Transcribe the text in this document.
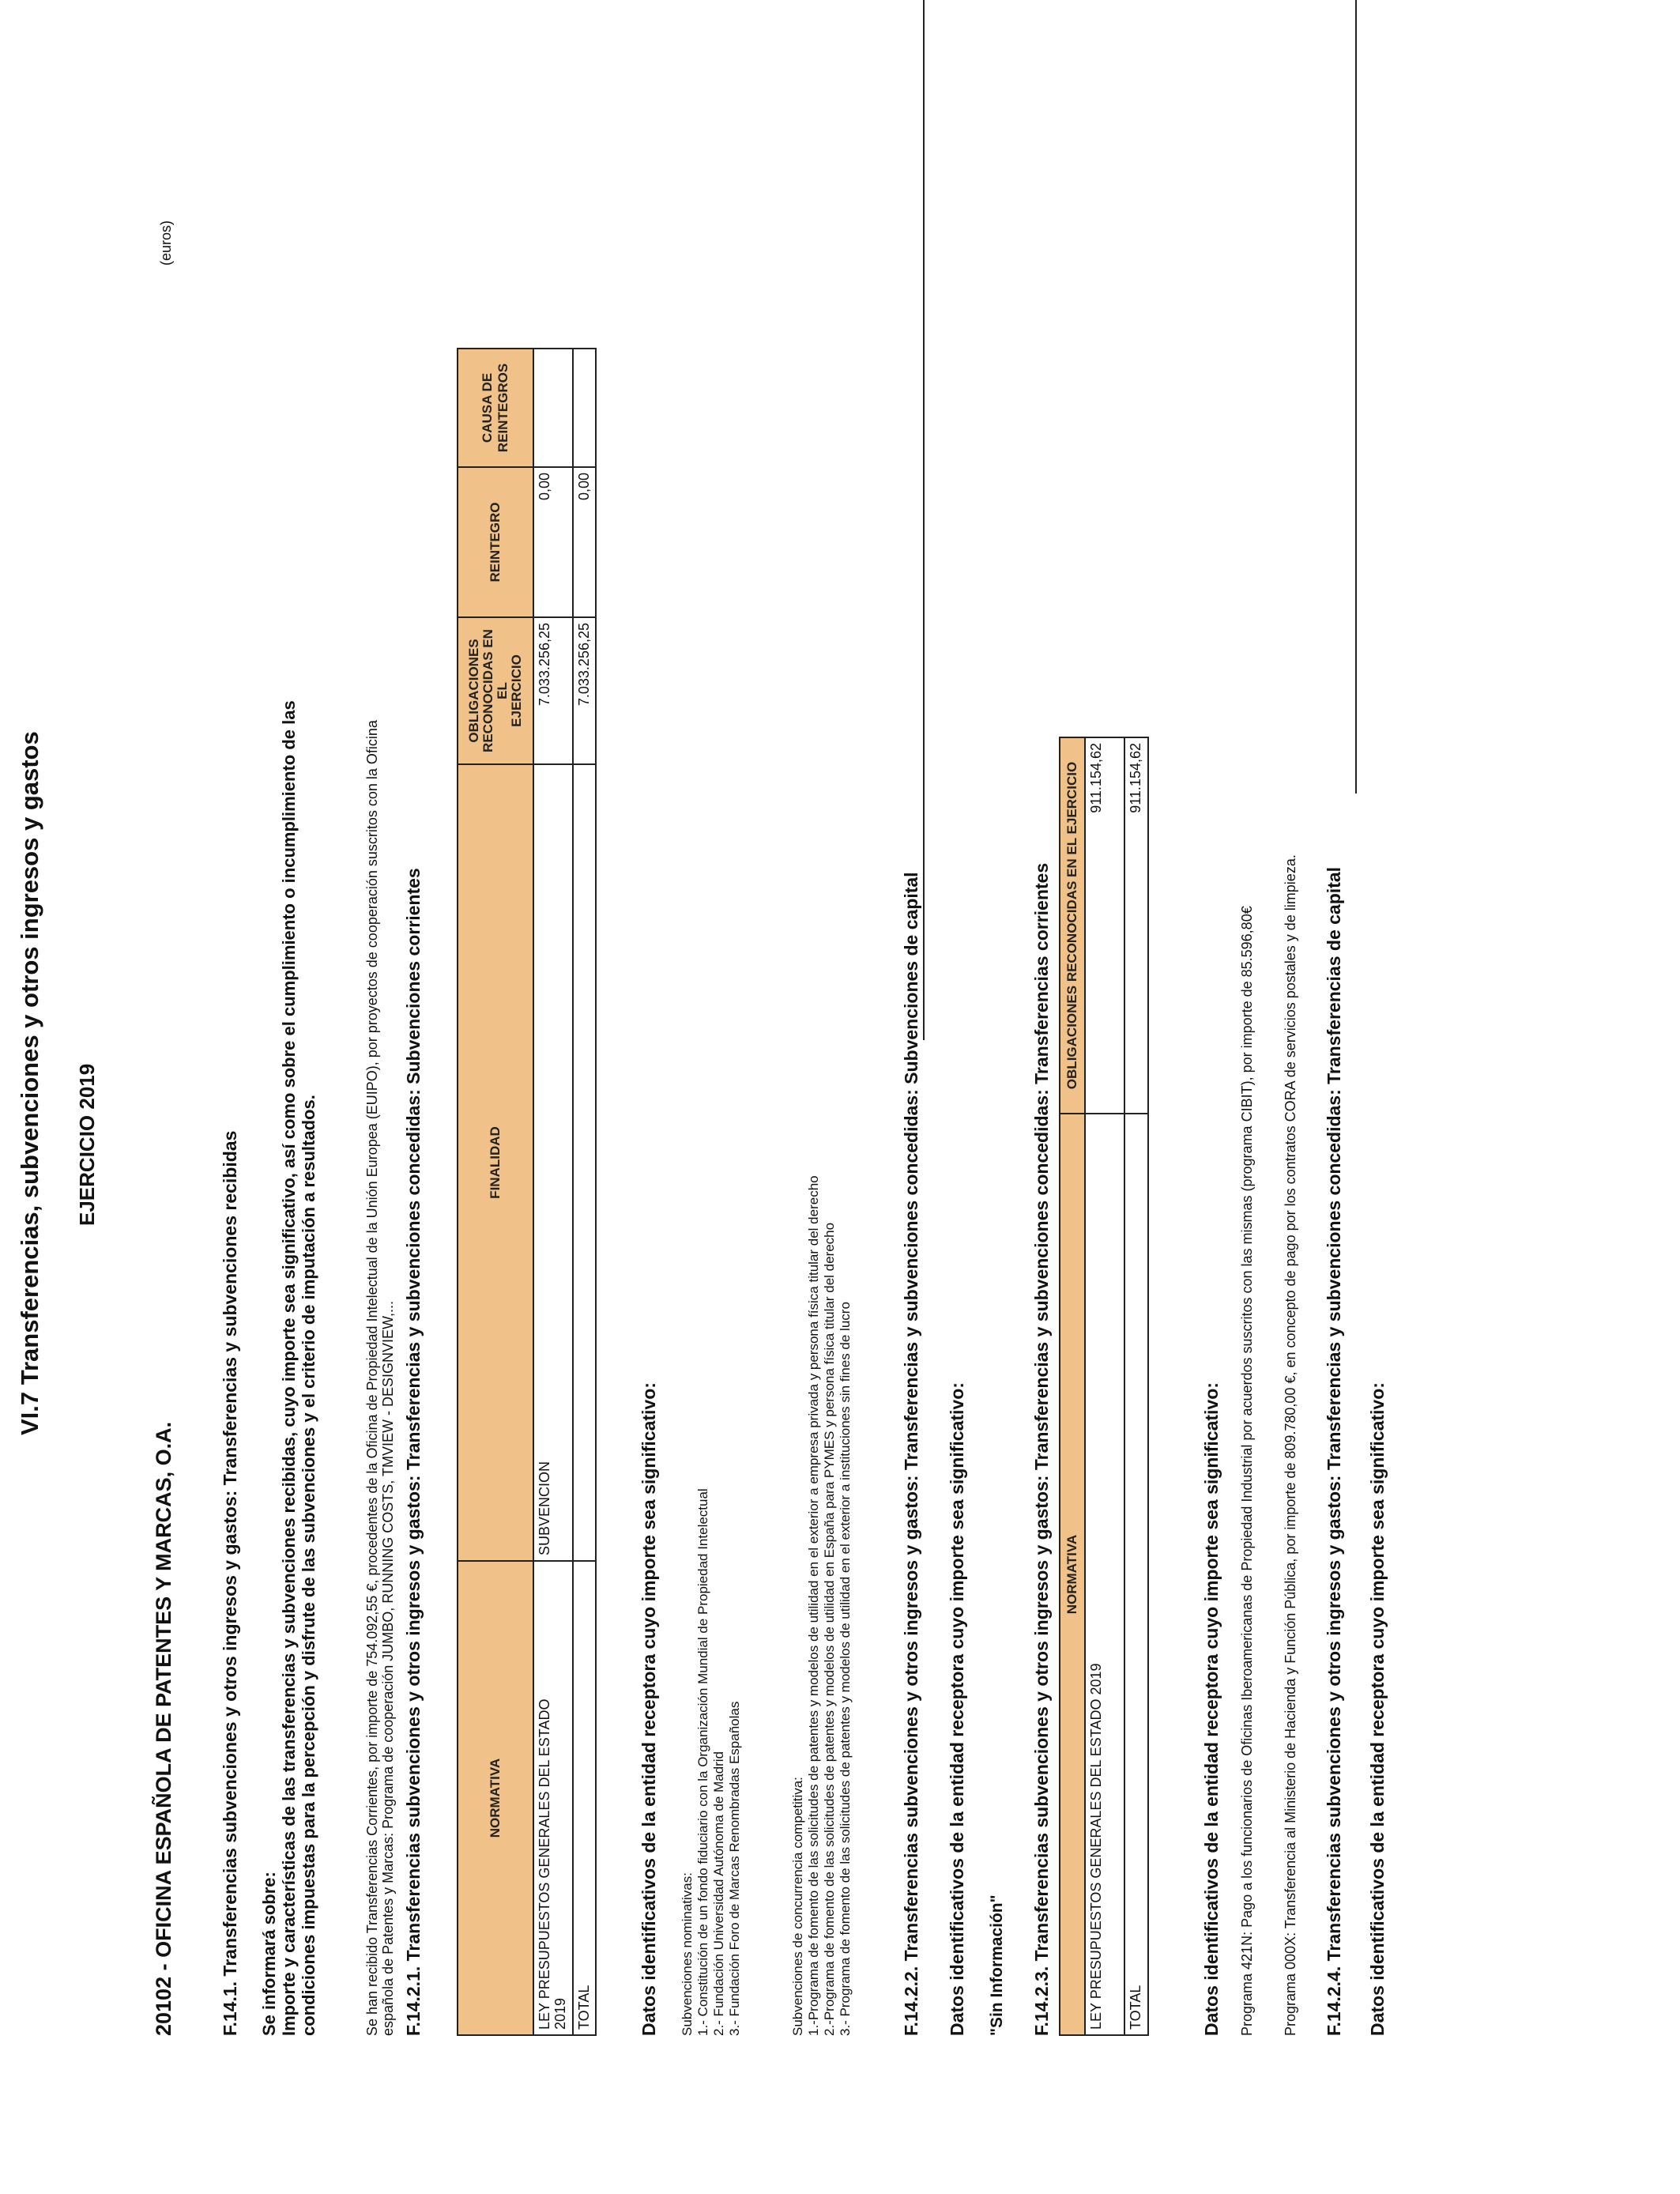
VI.7 Transferencias, subvenciones y otros ingresos y gastos EJERCICIO 2019
20102 - OFICINA ESPAÑOLA DE PATENTES Y MARCAS, O.A.
(euros)
F.14.1. Transferencias subvenciones y otros ingresos y gastos: Transferencias y subvenciones recibidas Se informará sobre: Importe y características de las transferencias y subvenciones recibidas, cuyo importe sea significativo, así como sobre el cumplimiento o incumplimiento de las condiciones impuestas para la percepción y disfrute de las subvenciones y el criterio de imputación a resultados.	Se han recibido Transferencias Corrientes, por importe de 754.092,55 €, procedentes de la Oficina de Propiedad Intelectual de la Unión Europea (EUIPO), por proyectos de cooperación suscritos con la Oficina española de Patentes y Marcas: Programa de cooperación JUMBO, RUNNING COSTS, TMVIEW - DESIGNVIEW,... F.14.2.1. Transferencias subvenciones y otros ingresos y gastos: Transferencias y subvenciones concedidas: Subvenciones corrientes	NORMATIVA	FINALIDAD	OBLIGACIONES
RECONOCIDAS EN EL
EJERCICIO	REINTEGRO	CAUSA DE REINTEGROS
LEY PRESUPUESTOS GENERALES DEL ESTADO
2019	SUBVENCION	7.033.256,25	0,00	
TOTAL		7.033.256,25	0,00	
Datos identificativos de la entidad receptora cuyo importe sea significativo: Subvenciones nominativas: 1.- Constitución de un fondo fiduciario con la Organización Mundial de Propiedad Intelectual 2.- Fundación Universidad Autónoma de Madrid 3.- Fundación Foro de Marcas Renombradas Españolas	Subvenciones de concurrencia competitiva: 1.-Programa de fomento de las solicitudes de patentes y modelos de utilidad en el exterior a empresa privada y persona física titular del derecho 2.-Programa de fomento de las solicitudes de patentes y modelos de utilidad en España para PYMES y persona física titular del derecho 3.- Programa de fomento de las solicitudes de patentes y modelos de utilidad en el exterior a instituciones sin fines de lucro	F.14.2.2. Transferencias subvenciones y otros ingresos y gastos: Transferencias y subvenciones concedidas: Subvenciones de capital Datos identificativos de la entidad receptora cuyo importe sea significativo: "Sin Información" F.14.2.3. Transferencias subvenciones y otros ingresos y gastos: Transferencias y subvenciones concedidas: Transferencias corrientes NORMATIVA	OBLIGACIONES RECONOCIDAS EN EL EJERCICIO
LEY PRESUPUESTOS GENERALES DEL ESTADO 2019	911.154,62
TOTAL	911.154,62
Datos identificativos de la entidad receptora cuyo importe sea significativo: Programa 421N: Pago a los funcionarios de Oficinas Iberoamericanas de Propiedad Industrial por acuerdos suscritos con las mismas (programa CIBIT), por importe de 85.596,80€ Programa 000X: Transferencia al Ministerio de Hacienda y Función Pública, por importe de 809.780,00 €, en concepto de pago por los contratos CORA de servicios postales y de limpieza. F.14.2.4. Transferencias subvenciones y otros ingresos y gastos: Transferencias y subvenciones concedidas: Transferencias de capital Datos identificativos de la entidad receptora cuyo importe sea significativo:
